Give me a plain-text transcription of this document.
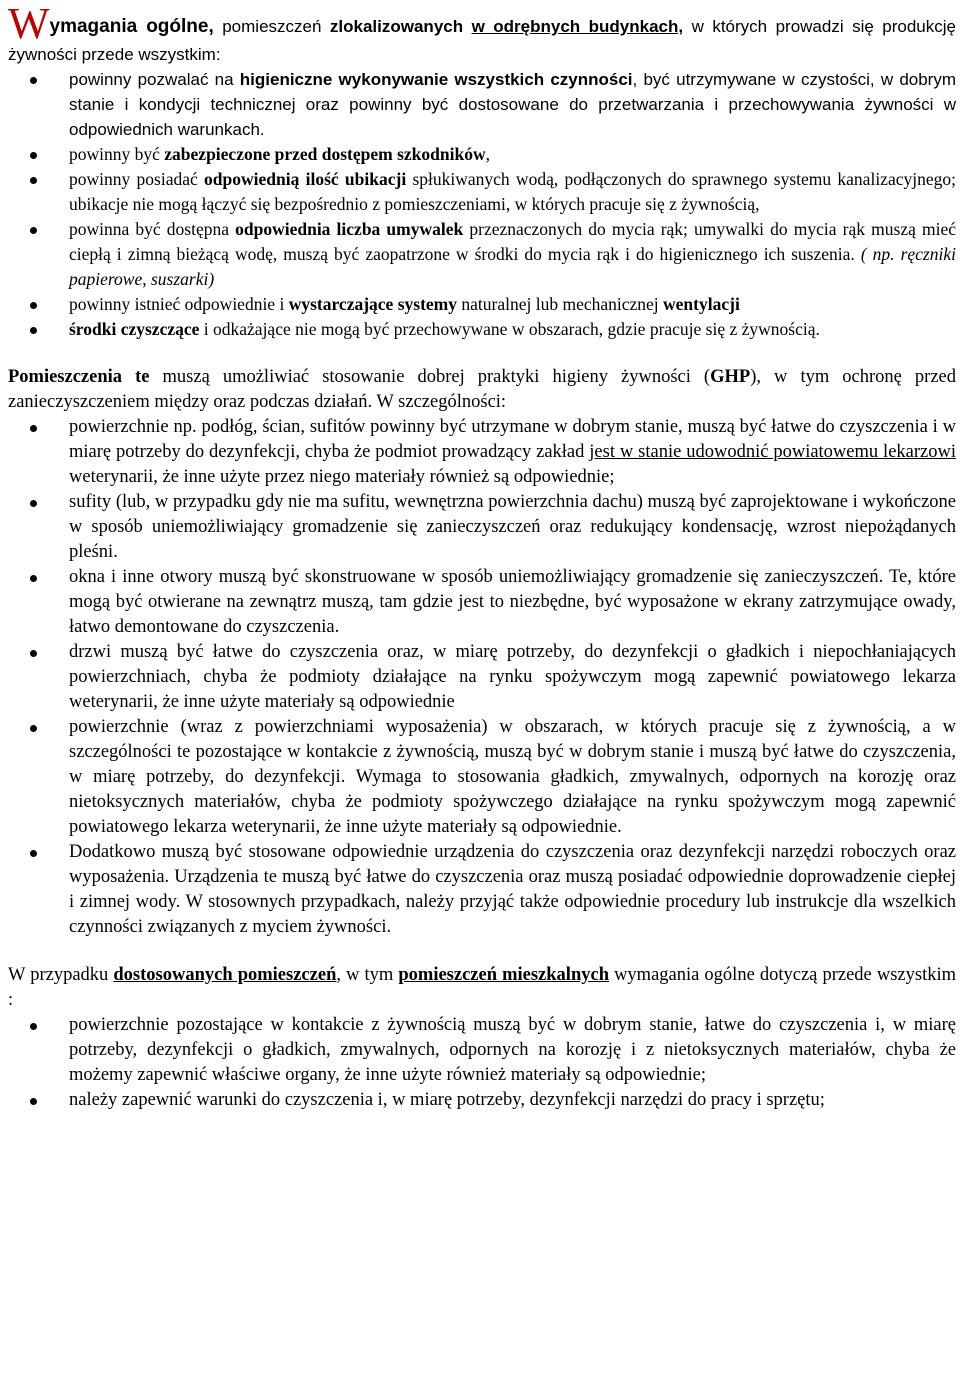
Wymagania ogólne, pomieszczeń zlokalizowanych w odrębnych budynkach, w których prowadzi się produkcję żywności przede wszystkim:

powinny pozwalać na higieniczne wykonywanie wszystkich czynności, być utrzymywane w czystości, w dobrym stanie i kondycji technicznej oraz powinny być dostosowane do przetwarzania i przechowywania żywności w odpowiednich warunkach.
powinny być zabezpieczone przed dostępem szkodników,
powinny posiadać odpowiednią ilość ubikacji spłukiwanych wodą, podłączonych do sprawnego systemu kanalizacyjnego; ubikacje nie mogą łączyć się bezpośrednio z pomieszczeniami, w których pracuje się z żywnością,
powinna być dostępna odpowiednia liczba umywalek przeznaczonych do mycia rąk; umywalki do mycia rąk muszą mieć ciepłą i zimną bieżącą wodę, muszą być zaopatrzone w środki do mycia rąk i do higienicznego ich suszenia. ( np. ręczniki papierowe, suszarki)
powinny istnieć odpowiednie i wystarczające systemy naturalnej lub mechanicznej wentylacji
środki czyszczące i odkażające nie mogą być przechowywane w obszarach, gdzie pracuje się z żywnością.

Pomieszczenia te muszą umożliwiać stosowanie dobrej praktyki higieny żywności (GHP), w tym ochronę przed zanieczyszczeniem między oraz podczas działań. W szczególności:

powierzchnie np. podłóg, ścian, sufitów powinny być utrzymane w dobrym stanie, muszą być łatwe do czyszczenia i w miarę potrzeby do dezynfekcji, chyba że podmiot prowadzący zakład jest w stanie udowodnić powiatowemu lekarzowi weterynarii, że inne użyte przez niego materiały również są odpowiednie;
sufity (lub, w przypadku gdy nie ma sufitu, wewnętrzna powierzchnia dachu) muszą być zaprojektowane i wykończone w sposób uniemożliwiający gromadzenie się zanieczyszczeń oraz redukujący kondensację, wzrost niepożądanych pleśni.
okna i inne otwory muszą być skonstruowane w sposób uniemożliwiający gromadzenie się zanieczyszczeń. Te, które mogą być otwierane na zewnątrz muszą, tam gdzie jest to niezbędne, być wyposażone w ekrany zatrzymujące owady, łatwo demontowane do czyszczenia.
drzwi muszą być łatwe do czyszczenia oraz, w miarę potrzeby, do dezynfekcji o gładkich i niepochłaniających powierzchniach, chyba że podmioty działające na rynku spożywczym mogą zapewnić powiatowego lekarza weterynarii, że inne użyte materiały są odpowiednie
powierzchnie (wraz z powierzchniami wyposażenia) w obszarach, w których pracuje się z żywnością, a w szczególności te pozostające w kontakcie z żywnością, muszą być w dobrym stanie i muszą być łatwe do czyszczenia, w miarę potrzeby, do dezynfekcji. Wymaga to stosowania gładkich, zmywalnych, odpornych na korozję oraz nietoksycznych materiałów, chyba że podmioty spożywczego działające na rynku spożywczym mogą zapewnić powiatowego lekarza weterynarii, że inne użyte materiały są odpowiednie.
Dodatkowo muszą być stosowane odpowiednie urządzenia do czyszczenia oraz dezynfekcji narzędzi roboczych oraz wyposażenia. Urządzenia te muszą być łatwe do czyszczenia oraz muszą posiadać odpowiednie doprowadzenie ciepłej i zimnej wody. W stosownych przypadkach, należy przyjąć także odpowiednie procedury lub instrukcje dla wszelkich czynności związanych z myciem żywności.

W przypadku dostosowanych pomieszczeń, w tym pomieszczeń mieszkalnych wymagania ogólne dotyczą przede wszystkim :

powierzchnie pozostające w kontakcie z żywnością muszą być w dobrym stanie, łatwe do czyszczenia i, w miarę potrzeby, dezynfekcji o gładkich, zmywalnych, odpornych na korozję i z nietoksycznych materiałów, chyba że możemy zapewnić właściwe organy, że inne użyte również materiały są odpowiednie;
należy zapewnić warunki do czyszczenia i, w miarę potrzeby, dezynfekcji narzędzi do pracy i sprzętu;
